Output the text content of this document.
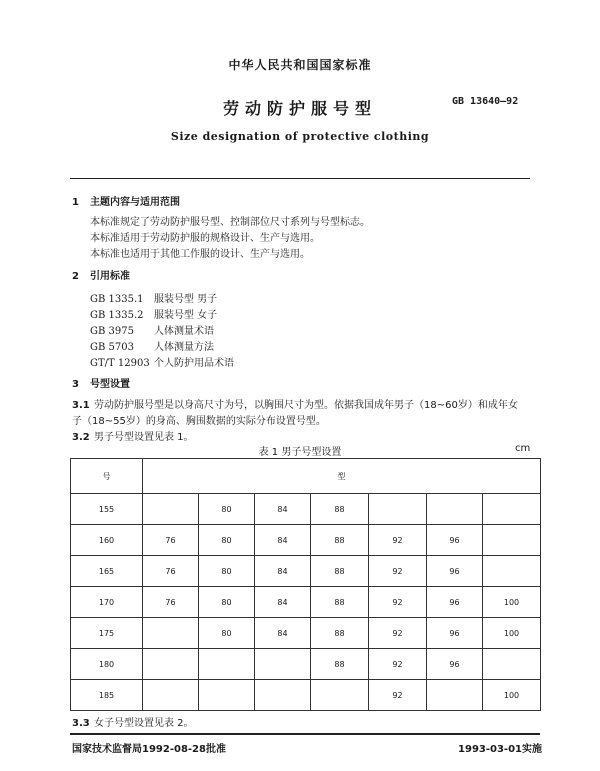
中华人民共和国国家标准
劳动防护服号型	GB 13640—92
Size designation of protective clothing
1 主题内容与适用范围
本标准规定了劳动防护服号型、控制部位尺寸系列与号型标志。
本标准适用于劳动防护服的规格设计、生产与选用。
本标准也适用于其他工作服的设计、生产与选用。
2 引用标准
GB 1335.1 服装号型 男子
GB 1335.2 服装号型 女子
GB 3975 人体测量术语
GB 5703 人体测量方法
GT/T 12903 个人防护用品术语
3 号型设置
3.1 劳动防护服号型是以身高尺寸为号，以胸围尺寸为型。依据我国成年男子（18~60岁）和成年女
子（18~55岁）的身高、胸围数据的实际分布设置号型。
3.2 男子号型设置见表 1。
表 1 男子号型设置	cm
号	型						
155		80	84	88			
160	76	80	84	88	92	96	
165	76	80	84	88	92	96	
170	76	80	84	88	92	96	100
175		80	84	88	92	96	100
180				88	92	96	
185					92		100
3.3 女子号型设置见表 2。
国家技术监督局1992-08-28批准	1993-03-01实施
